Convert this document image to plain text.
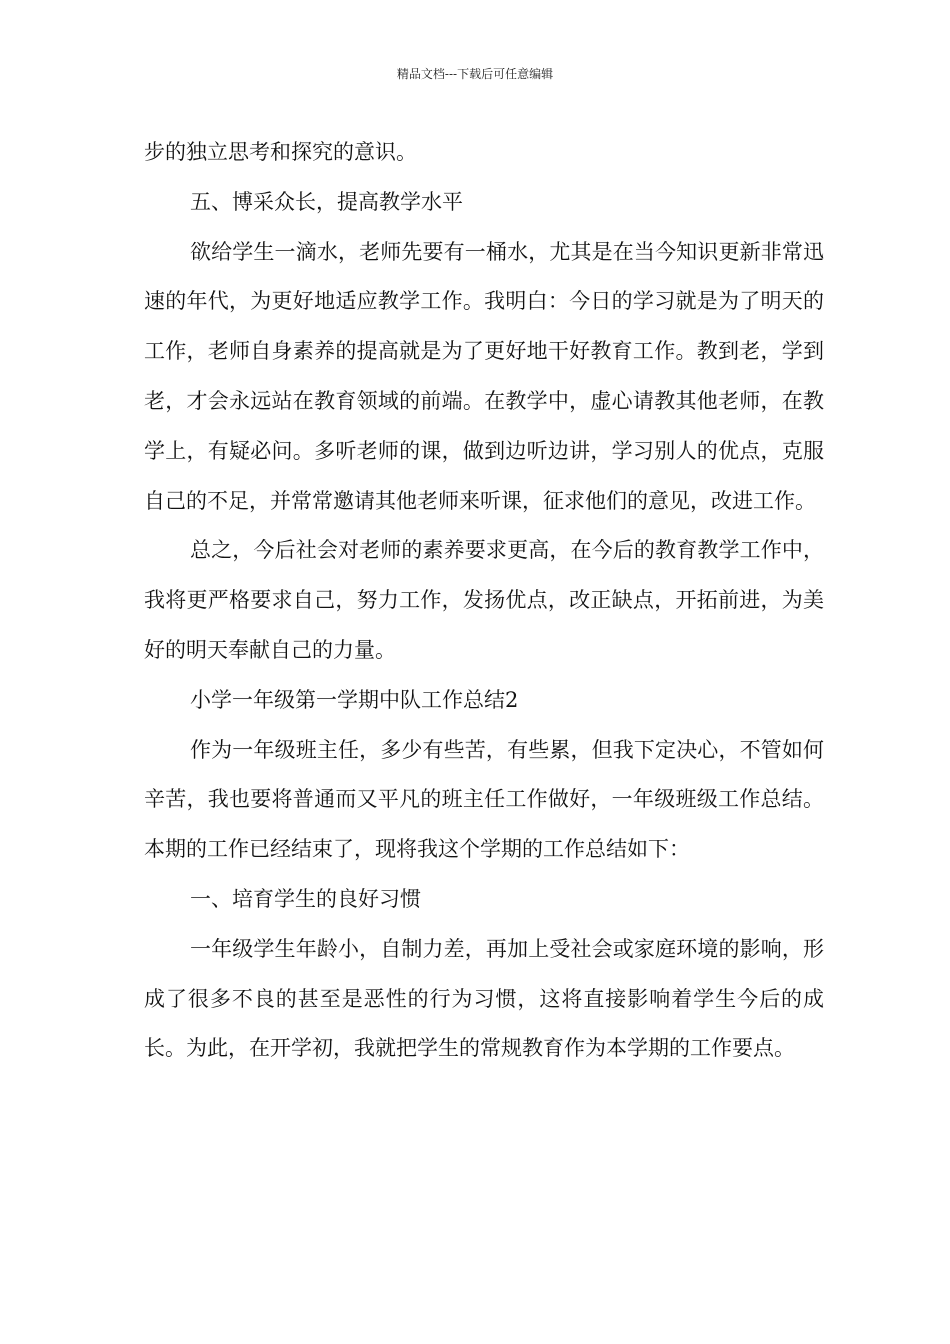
精品文档---下载后可任意编辑

步的独立思考和探究的意识。

五、博采众长，提高教学水平

欲给学生一滴水，老师先要有一桶水，尤其是在当今知识更新非常迅速的年代，为更好地适应教学工作。我明白：今日的学习就是为了明天的工作，老师自身素养的提高就是为了更好地干好教育工作。教到老，学到老，才会永远站在教育领域的前端。在教学中，虚心请教其他老师，在教学上，有疑必问。多听老师的课，做到边听边讲，学习别人的优点，克服自己的不足，并常常邀请其他老师来听课，征求他们的意见，改进工作。

总之，今后社会对老师的素养要求更高，在今后的教育教学工作中，我将更严格要求自己，努力工作，发扬优点，改正缺点，开拓前进，为美好的明天奉献自己的力量。

小学一年级第一学期中队工作总结2

作为一年级班主任，多少有些苦，有些累，但我下定决心，不管如何辛苦，我也要将普通而又平凡的班主任工作做好，一年级班级工作总结。本期的工作已经结束了，现将我这个学期的工作总结如下：

一、培育学生的良好习惯

一年级学生年龄小，自制力差，再加上受社会或家庭环境的影响，形成了很多不良的甚至是恶性的行为习惯，这将直接影响着学生今后的成长。为此，在开学初，我就把学生的常规教育作为本学期的工作要点。
